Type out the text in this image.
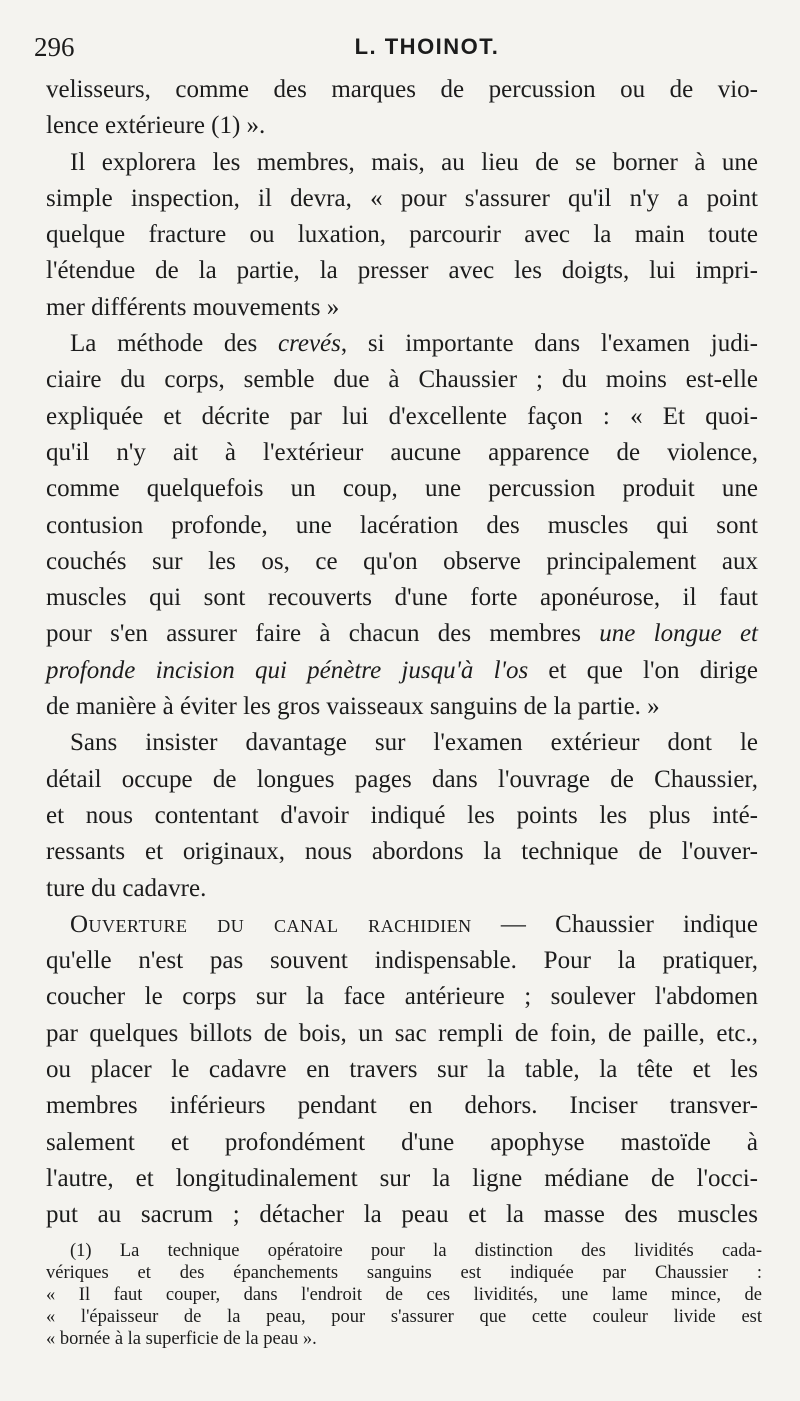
296	L. THOINOT.
velisseurs, comme des marques de percussion ou de vio-
lence extérieure (1) ».
Il explorera les membres, mais, au lieu de se borner à une
simple inspection, il devra, « pour s'assurer qu'il n'y a point
quelque fracture ou luxation, parcourir avec la main toute
l'étendue de la partie, la presser avec les doigts, lui impri-
mer différents mouvements »
La méthode des crevés, si importante dans l'examen judi-
ciaire du corps, semble due à Chaussier ; du moins est-elle
expliquée et décrite par lui d'excellente façon : « Et quoi-
qu'il n'y ait à l'extérieur aucune apparence de violence,
comme quelquefois un coup, une percussion produit une
contusion profonde, une lacération des muscles qui sont
couchés sur les os, ce qu'on observe principalement aux
muscles qui sont recouverts d'une forte aponéurose, il faut
pour s'en assurer faire à chacun des membres une longue et
profonde incision qui pénètre jusqu'à l'os et que l'on dirige
de manière à éviter les gros vaisseaux sanguins de la partie. »
Sans insister davantage sur l'examen extérieur dont le
détail occupe de longues pages dans l'ouvrage de Chaussier,
et nous contentant d'avoir indiqué les points les plus inté-
ressants et originaux, nous abordons la technique de l'ouver-
ture du cadavre.
Ouverture du canal rachidien — Chaussier indique
qu'elle n'est pas souvent indispensable. Pour la pratiquer,
coucher le corps sur la face antérieure ; soulever l'abdomen
par quelques billots de bois, un sac rempli de foin, de paille, etc.,
ou placer le cadavre en travers sur la table, la tête et les
membres inférieurs pendant en dehors. Inciser transver-
salement et profondément d'une apophyse mastoïde à
l'autre, et longitudinalement sur la ligne médiane de l'occi-
put au sacrum ; détacher la peau et la masse des muscles
(1) La technique opératoire pour la distinction des lividités cada-
vériques et des épanchements sanguins est indiquée par Chaussier :
« Il faut couper, dans l'endroit de ces lividités, une lame mince, de
« l'épaisseur de la peau, pour s'assurer que cette couleur livide est
« bornée à la superficie de la peau ».
